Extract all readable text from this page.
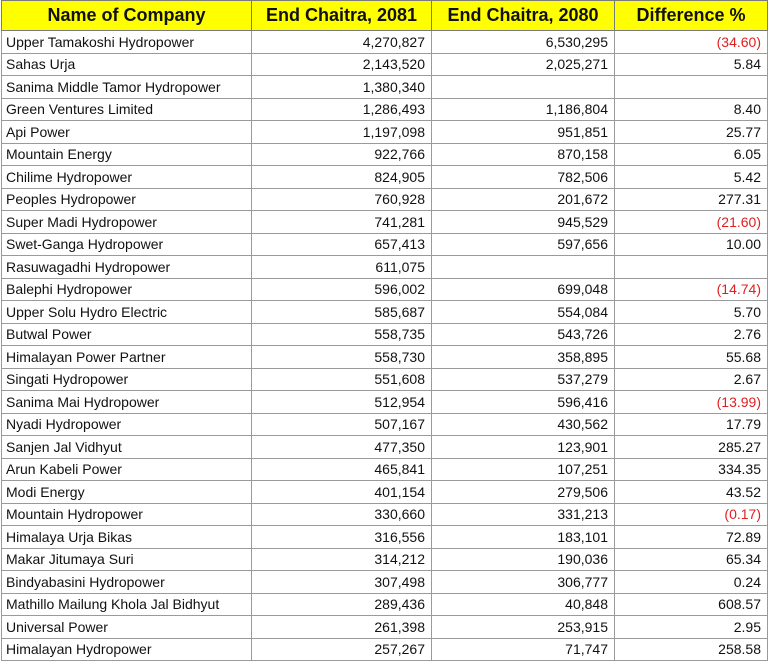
Name of Company	End Chaitra, 2081	End Chaitra, 2080	Difference %
Upper Tamakoshi Hydropower	4,270,827	6,530,295	(34.60)
Sahas Urja	2,143,520	2,025,271	5.84
Sanima Middle Tamor Hydropower	1,380,340		
Green Ventures Limited	1,286,493	1,186,804	8.40
Api Power	1,197,098	951,851	25.77
Mountain Energy	922,766	870,158	6.05
Chilime Hydropower	824,905	782,506	5.42
Peoples Hydropower	760,928	201,672	277.31
Super Madi Hydropower	741,281	945,529	(21.60)
Swet-Ganga Hydropower	657,413	597,656	10.00
Rasuwagadhi Hydropower	611,075		
Balephi Hydropower	596,002	699,048	(14.74)
Upper Solu Hydro Electric	585,687	554,084	5.70
Butwal Power	558,735	543,726	2.76
Himalayan Power Partner	558,730	358,895	55.68
Singati Hydropower	551,608	537,279	2.67
Sanima Mai Hydropower	512,954	596,416	(13.99)
Nyadi Hydropower	507,167	430,562	17.79
Sanjen Jal Vidhyut	477,350	123,901	285.27
Arun Kabeli Power	465,841	107,251	334.35
Modi Energy	401,154	279,506	43.52
Mountain Hydropower	330,660	331,213	(0.17)
Himalaya Urja Bikas	316,556	183,101	72.89
Makar Jitumaya Suri	314,212	190,036	65.34
Bindyabasini Hydropower	307,498	306,777	0.24
Mathillo Mailung Khola Jal Bidhyut	289,436	40,848	608.57
Universal Power	261,398	253,915	2.95
Himalayan Hydropower	257,267	71,747	258.58
